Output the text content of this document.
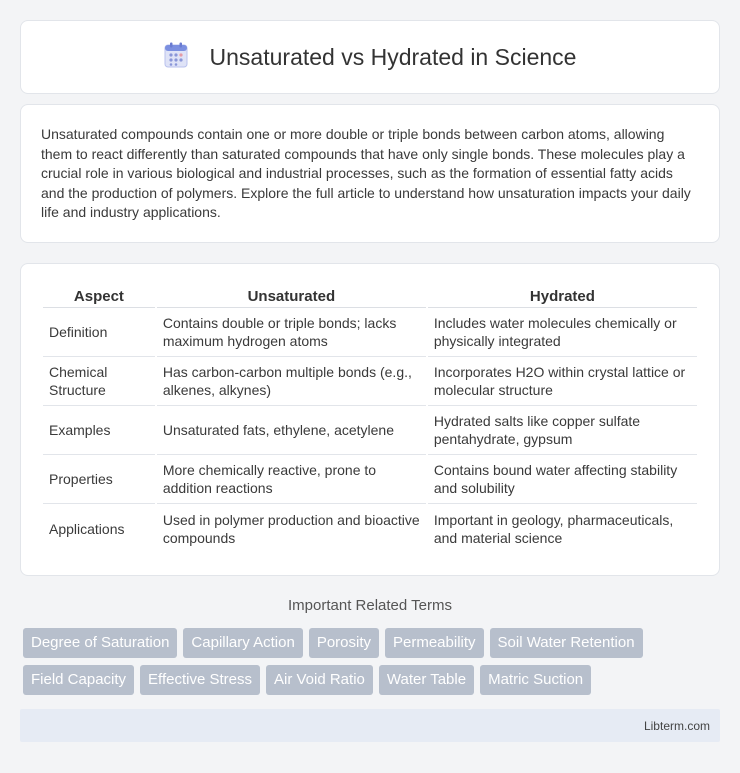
Unsaturated vs Hydrated in Science

Unsaturated compounds contain one or more double or triple bonds between carbon atoms, allowing them to react differently than saturated compounds that have only single bonds. These molecules play a crucial role in various biological and industrial processes, such as the formation of essential fatty acids and the production of polymers. Explore the full article to understand how unsaturation impacts your daily life and industry applications.

Aspect	Unsaturated	Hydrated
Definition	Contains double or triple bonds; lacks maximum hydrogen atoms	Includes water molecules chemically or physically integrated
Chemical Structure	Has carbon-carbon multiple bonds (e.g., alkenes, alkynes)	Incorporates H2O within crystal lattice or molecular structure
Examples	Unsaturated fats, ethylene, acetylene	Hydrated salts like copper sulfate pentahydrate, gypsum
Properties	More chemically reactive, prone to addition reactions	Contains bound water affecting stability and solubility
Applications	Used in polymer production and bioactive compounds	Important in geology, pharmaceuticals, and material science
Important Related Terms
Degree of Saturation	Capillary Action	Porosity	Permeability	Soil Water Retention
Field Capacity	Effective Stress	Air Void Ratio	Water Table	Matric Suction
Libterm.com
